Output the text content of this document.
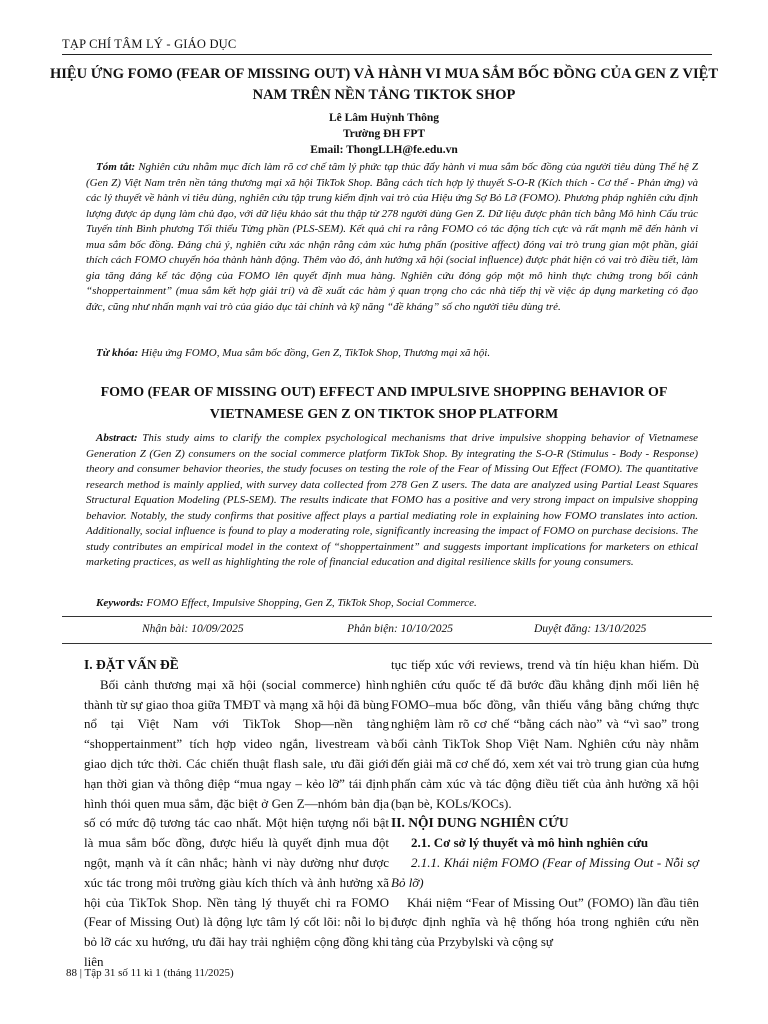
TẠP CHÍ TÂM LÝ - GIÁO DỤC
HIỆU ỨNG FOMO (FEAR OF MISSING OUT) VÀ HÀNH VI MUA SẮM BỐC ĐỒNG CỦA GEN Z VIỆT NAM TRÊN NỀN TẢNG TIKTOK SHOP
Lê Lâm Huỳnh Thông
Trường ĐH FPT
Email: ThongLLH@fe.edu.vn

Tóm tắt: Nghiên cứu nhằm mục đích làm rõ cơ chế tâm lý phức tạp thúc đẩy hành vi mua sắm bốc đồng của người tiêu dùng Thế hệ Z (Gen Z) Việt Nam trên nền tảng thương mại xã hội TikTok Shop. Bằng cách tích hợp lý thuyết S-O-R (Kích thích - Cơ thể - Phản ứng) và các lý thuyết về hành vi tiêu dùng, nghiên cứu tập trung kiểm định vai trò của Hiệu ứng Sợ Bỏ Lỡ (FOMO). Phương pháp nghiên cứu định lượng được áp dụng làm chủ đạo, với dữ liệu khảo sát thu thập từ 278 người dùng Gen Z. Dữ liệu được phân tích bằng Mô hình Cấu trúc Tuyến tính Bình phương Tối thiểu Từng phần (PLS-SEM). Kết quả chỉ ra rằng FOMO có tác động tích cực và rất mạnh mẽ đến hành vi mua sắm bốc đồng. Đáng chú ý, nghiên cứu xác nhận rằng cảm xúc hưng phấn (positive affect) đóng vai trò trung gian một phần, giải thích cách FOMO chuyển hóa thành hành động. Thêm vào đó, ảnh hưởng xã hội (social influence) được phát hiện có vai trò điều tiết, làm gia tăng đáng kể tác động của FOMO lên quyết định mua hàng. Nghiên cứu đóng góp một mô hình thực chứng trong bối cảnh “shoppertainment” (mua sắm kết hợp giải trí) và đề xuất các hàm ý quan trọng cho các nhà tiếp thị về việc áp dụng marketing có đạo đức, cũng như nhấn mạnh vai trò của giáo dục tài chính và kỹ năng “đề kháng” số cho người tiêu dùng trẻ.

Từ khóa: Hiệu ứng FOMO, Mua sắm bốc đồng, Gen Z, TikTok Shop, Thương mại xã hội.

FOMO (FEAR OF MISSING OUT) EFFECT AND IMPULSIVE SHOPPING BEHAVIOR OF VIETNAMESE GEN Z ON TIKTOK SHOP PLATFORM

Abstract: This study aims to clarify the complex psychological mechanisms that drive impulsive shopping behavior of Vietnamese Generation Z (Gen Z) consumers on the social commerce platform TikTok Shop. By integrating the S-O-R (Stimulus - Body - Response) theory and consumer behavior theories, the study focuses on testing the role of the Fear of Missing Out Effect (FOMO). The quantitative research method is mainly applied, with survey data collected from 278 Gen Z users. The data are analyzed using Partial Least Squares Structural Equation Modeling (PLS-SEM). The results indicate that FOMO has a positive and very strong impact on impulsive shopping behavior. Notably, the study confirms that positive affect plays a partial mediating role in explaining how FOMO translates into action. Additionally, social influence is found to play a moderating role, significantly increasing the impact of FOMO on purchase decisions. The study contributes an empirical model in the context of “shoppertainment” and suggests important implications for marketers on ethical marketing practices, as well as highlighting the role of financial education and digital resilience skills for young consumers.

Keywords: FOMO Effect, Impulsive Shopping, Gen Z, TikTok Shop, Social Commerce.

Nhận bài: 10/09/2025	Phản biện: 10/10/2025	Duyệt đăng: 13/10/2025

I. ĐẶT VẤN ĐỀ

Bối cảnh thương mại xã hội (social commerce) hình thành từ sự giao thoa giữa TMĐT và mạng xã hội đã bùng nổ tại Việt Nam với TikTok Shop—nền tảng “shoppertainment” tích hợp video ngắn, livestream và giao dịch tức thời. Các chiến thuật flash sale, ưu đãi giới hạn thời gian và thông điệp “mua ngay – kẻo lỡ” tái định hình thói quen mua sắm, đặc biệt ở Gen Z—nhóm bản địa số có mức độ tương tác cao nhất. Một hiện tượng nổi bật là mua sắm bốc đồng, được hiểu là quyết định mua đột ngột, mạnh và ít cân nhắc; hành vi này dường như được xúc tác trong môi trường giàu kích thích và ảnh hưởng xã hội của TikTok Shop. Nền tảng lý thuyết chỉ ra FOMO (Fear of Missing Out) là động lực tâm lý cốt lõi: nỗi lo bị bỏ lỡ các xu hướng, ưu đãi hay trải nghiệm cộng đồng khi liên

tục tiếp xúc với reviews, trend và tín hiệu khan hiếm. Dù nghiên cứu quốc tế đã bước đầu khẳng định mối liên hệ FOMO–mua bốc đồng, vẫn thiếu vắng bằng chứng thực nghiệm làm rõ cơ chế “bằng cách nào” và “vì sao” trong bối cảnh TikTok Shop Việt Nam. Nghiên cứu này nhằm đến giải mã cơ chế đó, xem xét vai trò trung gian của hưng phấn cảm xúc và tác động điều tiết của ảnh hưởng xã hội (bạn bè, KOLs/KOCs).

II. NỘI DUNG NGHIÊN CỨU

2.1. Cơ sở lý thuyết và mô hình nghiên cứu

2.1.1. Khái niệm FOMO (Fear of Missing Out - Nỗi sợ Bỏ lỡ)

Khái niệm “Fear of Missing Out” (FOMO) lần đầu tiên được định nghĩa và hệ thống hóa trong nghiên cứu nền tảng của Przybylski và cộng sự

88 | Tập 31 số 11 kì 1 (tháng 11/2025)
